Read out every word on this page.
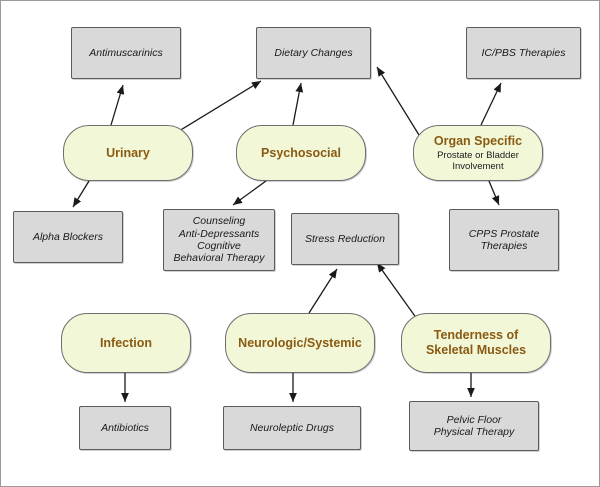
Antimuscarinics	Dietary Changes	IC/PBS Therapies
Urinary	Psychosocial
Organ Specific
Prostate or Bladder
Involvement
Alpha Blockers
Counseling
Anti-Depressants
Cognitive
Behavioral Therapy
Stress Reduction	CPPS Prostate
Therapies
Infection	Neurologic/Systemic
Tenderness of
Skeletal Muscles
Antibiotics	Neuroleptic Drugs
Pelvic Floor
Physical Therapy
